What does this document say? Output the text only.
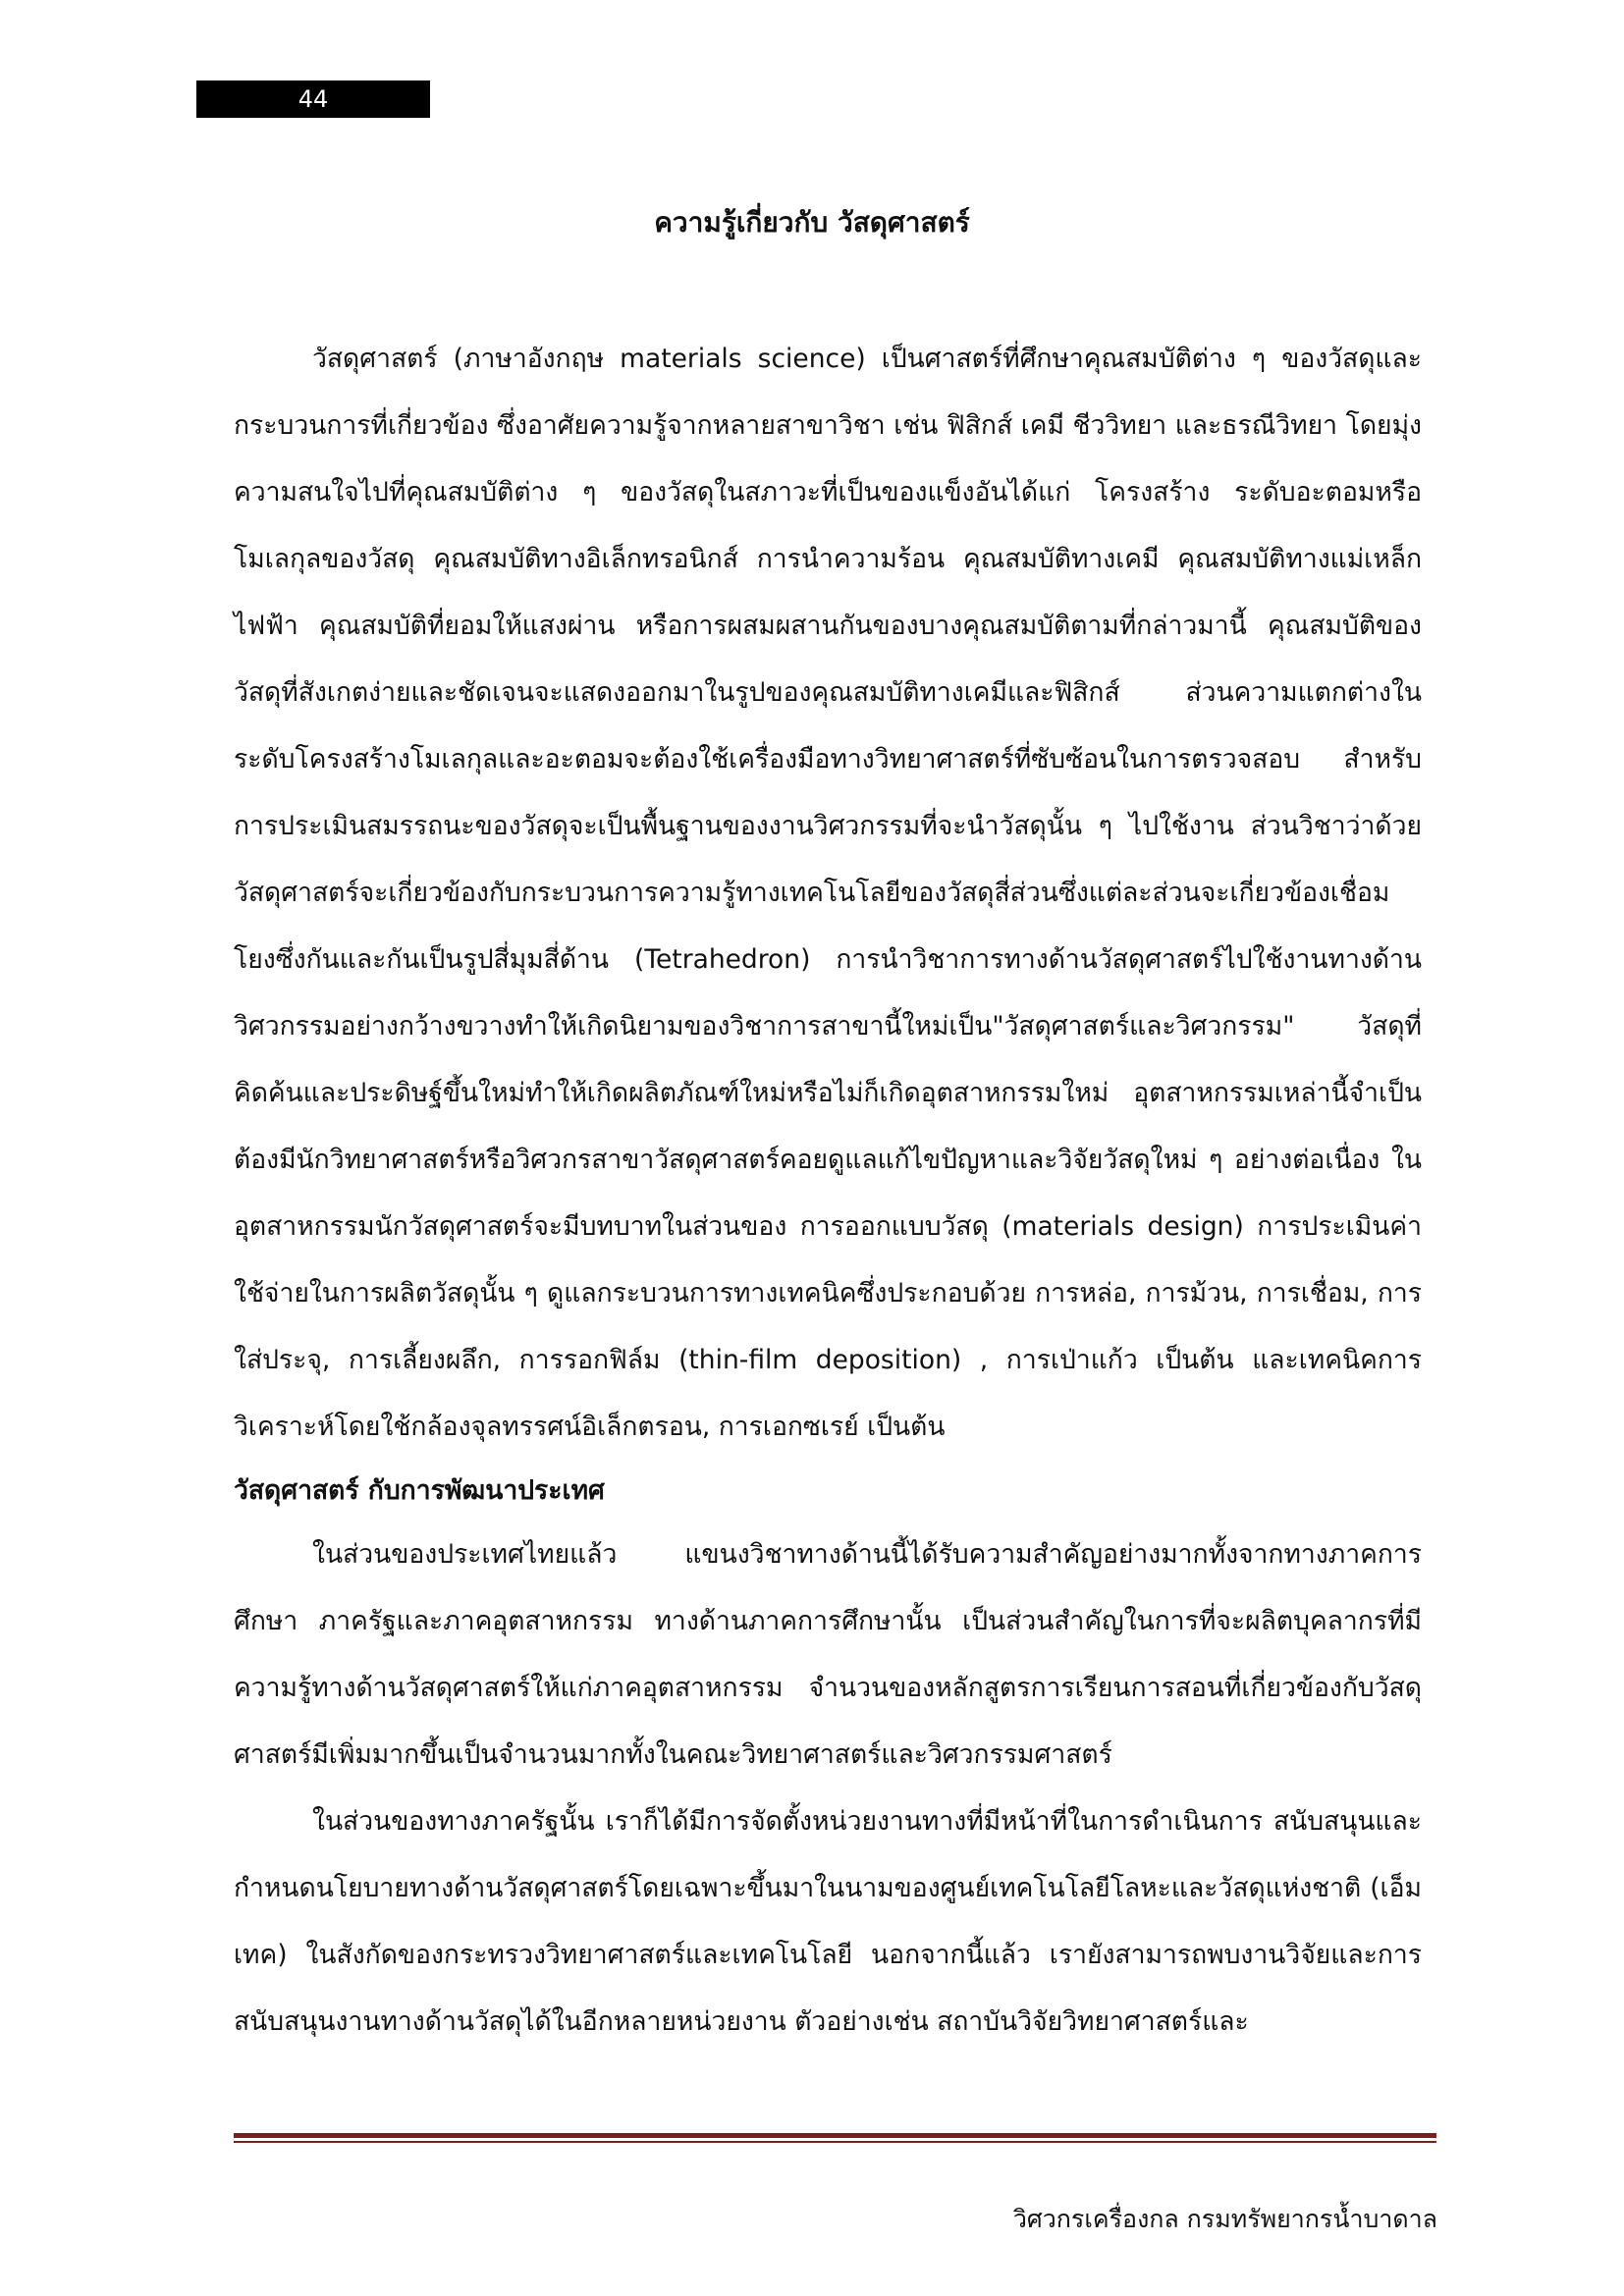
44
ความรู้เกี่ยวกับ วัสดุศาสตร์

วัสดุศาสตร์ (ภาษาอังกฤษ materials science) เป็นศาสตร์ที่ศึกษาคุณสมบัติต่าง ๆ ของวัสดุและกระบวนการที่เกี่ยวข้อง ซึ่งอาศัยความรู้จากหลายสาขาวิชา เช่น ฟิสิกส์ เคมี ชีววิทยา และธรณีวิทยา โดยมุ่งความสนใจไปที่คุณสมบัติต่าง ๆ ของวัสดุในสภาวะที่เป็นของแข็งอันได้แก่ โครงสร้าง ระดับอะตอมหรือโมเลกุลของวัสดุ คุณสมบัติทางอิเล็กทรอนิกส์ การนำความร้อน คุณสมบัติทางเคมี คุณสมบัติทางแม่เหล็กไฟฟ้า คุณสมบัติที่ยอมให้แสงผ่าน หรือการผสมผสานกันของบางคุณสมบัติตามที่กล่าวมานี้ คุณสมบัติของวัสดุที่สังเกตง่ายและชัดเจนจะแสดงออกมาในรูปของคุณสมบัติทางเคมีและฟิสิกส์ ส่วนความแตกต่างในระดับโครงสร้างโมเลกุลและอะตอมจะต้องใช้เครื่องมือทางวิทยาศาสตร์ที่ซับซ้อนในการตรวจสอบ สำหรับการประเมินสมรรถนะของวัสดุจะเป็นพื้นฐานของงานวิศวกรรมที่จะนำวัสดุนั้น ๆ ไปใช้งาน ส่วนวิชาว่าด้วยวัสดุศาสตร์จะเกี่ยวข้องกับกระบวนการความรู้ทางเทคโนโลยีของวัสดุสี่ส่วนซึ่งแต่ละส่วนจะเกี่ยวข้องเชื่อมโยงซึ่งกันและกันเป็นรูปสี่มุมสี่ด้าน (Tetrahedron) การนำวิชาการทางด้านวัสดุศาสตร์ไปใช้งานทางด้านวิศวกรรมอย่างกว้างขวางทำให้เกิดนิยามของวิชาการสาขานี้ใหม่เป็น"วัสดุศาสตร์และวิศวกรรม" วัสดุที่คิดค้นและประดิษฐ์ขึ้นใหม่ทำให้เกิดผลิตภัณฑ์ใหม่หรือไม่ก็เกิดอุตสาหกรรมใหม่ อุตสาหกรรมเหล่านี้จำเป็นต้องมีนักวิทยาศาสตร์หรือวิศวกรสาขาวัสดุศาสตร์คอยดูแลแก้ไขปัญหาและวิจัยวัสดุใหม่ ๆ อย่างต่อเนื่อง ในอุตสาหกรรมนักวัสดุศาสตร์จะมีบทบาทในส่วนของ การออกแบบวัสดุ (materials design) การประเมินค่าใช้จ่ายในการผลิตวัสดุนั้น ๆ ดูแลกระบวนการทางเทคนิคซึ่งประกอบด้วย การหล่อ, การม้วน, การเชื่อม, การใส่ประจุ, การเลี้ยงผลึก, การรอกฟิล์ม (thin-film deposition) , การเป่าแก้ว เป็นต้น และเทคนิคการวิเคราะห์โดยใช้กล้องจุลทรรศน์อิเล็กตรอน, การเอกซเรย์ เป็นต้น

วัสดุศาสตร์ กับการพัฒนาประเทศ

ในส่วนของประเทศไทยแล้ว แขนงวิชาทางด้านนี้ได้รับความสำคัญอย่างมากทั้งจากทางภาคการศึกษา ภาครัฐและภาคอุตสาหกรรม ทางด้านภาคการศึกษานั้น เป็นส่วนสำคัญในการที่จะผลิตบุคลากรที่มีความรู้ทางด้านวัสดุศาสตร์ให้แก่ภาคอุตสาหกรรม จำนวนของหลักสูตรการเรียนการสอนที่เกี่ยวข้องกับวัสดุศาสตร์มีเพิ่มมากขึ้นเป็นจำนวนมากทั้งในคณะวิทยาศาสตร์และวิศวกรรมศาสตร์

ในส่วนของทางภาครัฐนั้น เราก็ได้มีการจัดตั้งหน่วยงานทางที่มีหน้าที่ในการดำเนินการ สนับสนุนและกำหนดนโยบายทางด้านวัสดุศาสตร์โดยเฉพาะขึ้นมาในนามของศูนย์เทคโนโลยีโลหะและวัสดุแห่งชาติ (เอ็มเทค) ในสังกัดของกระทรวงวิทยาศาสตร์และเทคโนโลยี นอกจากนี้แล้ว เรายังสามารถพบงานวิจัยและการสนับสนุนงานทางด้านวัสดุได้ในอีกหลายหน่วยงาน ตัวอย่างเช่น สถาบันวิจัยวิทยาศาสตร์และ

วิศวกรเครื่องกล กรมทรัพยากรน้ำบาดาล
